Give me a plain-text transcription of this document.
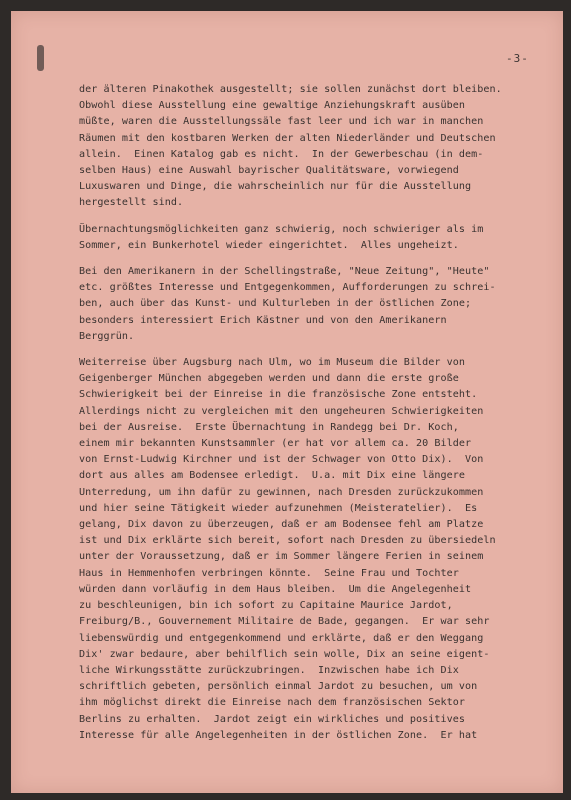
-3-
der älteren Pinakothek ausgestellt; sie sollen zunächst dort bleiben.
Obwohl diese Ausstellung eine gewaltige Anziehungskraft ausüben
müßte, waren die Ausstellungssäle fast leer und ich war in manchen
Räumen mit den kostbaren Werken der alten Niederländer und Deutschen
allein.  Einen Katalog gab es nicht.  In der Gewerbeschau (in dem-
selben Haus) eine Auswahl bayrischer Qualitätsware, vorwiegend
Luxuswaren und Dinge, die wahrscheinlich nur für die Ausstellung
hergestellt sind.
Übernachtungsmöglichkeiten ganz schwierig, noch schwieriger als im
Sommer, ein Bunkerhotel wieder eingerichtet.  Alles ungeheizt.
Bei den Amerikanern in der Schellingstraße, "Neue Zeitung", "Heute"
etc. größtes Interesse und Entgegenkommen, Aufforderungen zu schrei-
ben, auch über das Kunst- und Kulturleben in der östlichen Zone;
besonders interessiert Erich Kästner und von den Amerikanern
Berggrün.
Weiterreise über Augsburg nach Ulm, wo im Museum die Bilder von
Geigenberger München abgegeben werden und dann die erste große
Schwierigkeit bei der Einreise in die französische Zone entsteht.
Allerdings nicht zu vergleichen mit den ungeheuren Schwierigkeiten
bei der Ausreise.  Erste Übernachtung in Randegg bei Dr. Koch,
einem mir bekannten Kunstsammler (er hat vor allem ca. 20 Bilder
von Ernst-Ludwig Kirchner und ist der Schwager von Otto Dix).  Von
dort aus alles am Bodensee erledigt.  U.a. mit Dix eine längere
Unterredung, um ihn dafür zu gewinnen, nach Dresden zurückzukommen
und hier seine Tätigkeit wieder aufzunehmen (Meisteratelier).  Es
gelang, Dix davon zu überzeugen, daß er am Bodensee fehl am Platze
ist und Dix erklärte sich bereit, sofort nach Dresden zu übersiedeln
unter der Voraussetzung, daß er im Sommer längere Ferien in seinem
Haus in Hemmenhofen verbringen könnte.  Seine Frau und Tochter
würden dann vorläufig in dem Haus bleiben.  Um die Angelegenheit
zu beschleunigen, bin ich sofort zu Capitaine Maurice Jardot,
Freiburg/B., Gouvernement Militaire de Bade, gegangen.  Er war sehr
liebenswürdig und entgegenkommend und erklärte, daß er den Weggang
Dix' zwar bedaure, aber behilflich sein wolle, Dix an seine eigent-
liche Wirkungsstätte zurückzubringen.  Inzwischen habe ich Dix
schriftlich gebeten, persönlich einmal Jardot zu besuchen, um von
ihm möglichst direkt die Einreise nach dem französischen Sektor
Berlins zu erhalten.  Jardot zeigt ein wirkliches und positives
Interesse für alle Angelegenheiten in der östlichen Zone.  Er hat
